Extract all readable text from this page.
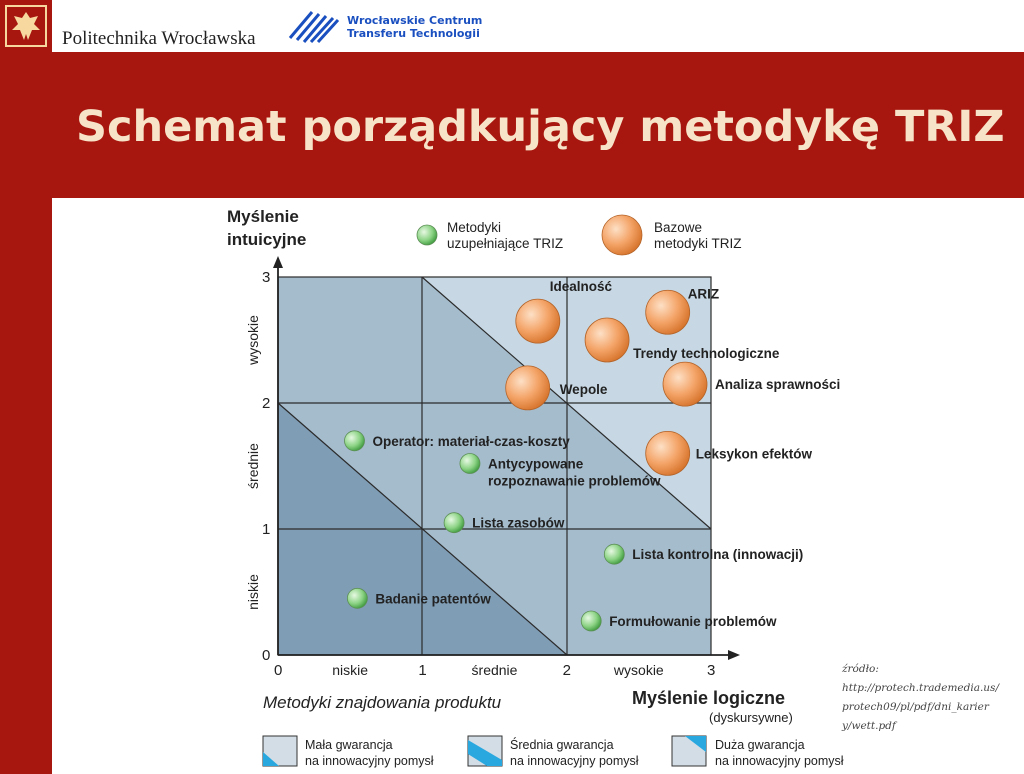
Politechnika Wrocławska
Wrocławskie Centrum
Transferu Technologii
Schemat porządkujący metodykę TRIZ
Myślenie
intuicyjne
Myślenie logiczne
(dyskursywne)
Metodyki znajdowania produktu
0
1
2
3
0	1	2	3
niskie	średnie	wysokie
niskie
średnie
wysokie
Metodyki
uzupełniające TRIZ
Bazowe
metodyki TRIZ
Operator: materiał-czas-koszty
Antycypowane
rozpoznawanie problemów
Lista zasobów
Lista kontrolna (innowacji)
Badanie patentów
Formułowanie problemów
Idealność	ARIZ
Trendy technologiczne
Wepole	Analiza sprawności
Leksykon efektów
Mała gwarancja
na innowacyjny pomysł
Średnia gwarancja
na innowacyjny pomysł
Duża gwarancja
na innowacyjny pomysł
źródło:
http://protech.trademedia.us/
protech09/pl/pdf/dni_karier
y/wett.pdf
